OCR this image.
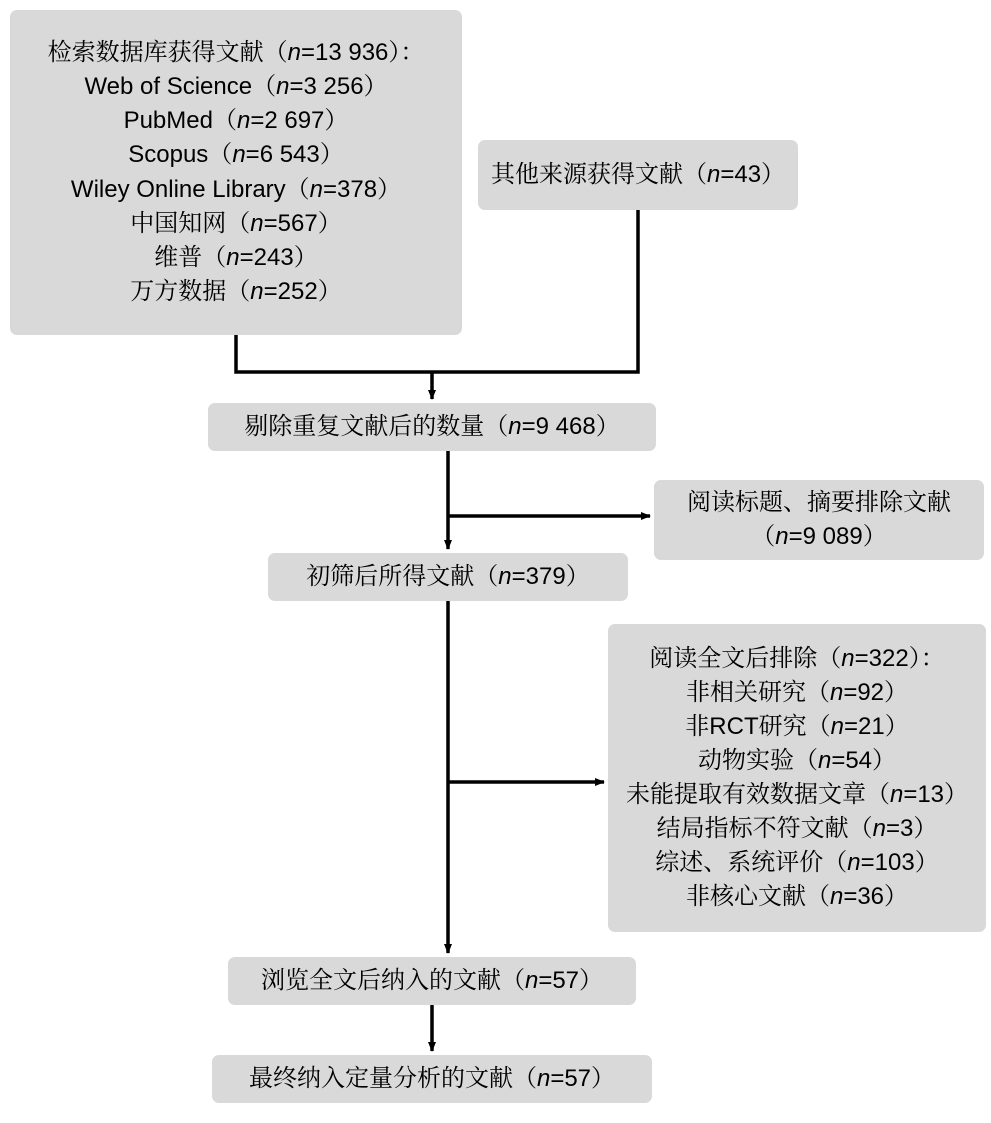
检索数据库获得文献（n=13 936）：
Web of Science（n=3 256）
PubMed（n=2 697）
Scopus（n=6 543）
Wiley Online Library（n=378）
中国知网（n=567）
维普（n=243）
万方数据（n=252）
其他来源获得文献（n=43）
剔除重复文献后的数量（n=9 468）
阅读标题、摘要排除文献
（n=9 089）
初筛后所得文献（n=379）
阅读全文后排除（n=322）：
非相关研究（n=92）
非RCT研究（n=21）
动物实验（n=54）
未能提取有效数据文章（n=13）
结局指标不符文献（n=3）
综述、系统评价（n=103）
非核心文献（n=36）
浏览全文后纳入的文献（n=57）
最终纳入定量分析的文献（n=57）
